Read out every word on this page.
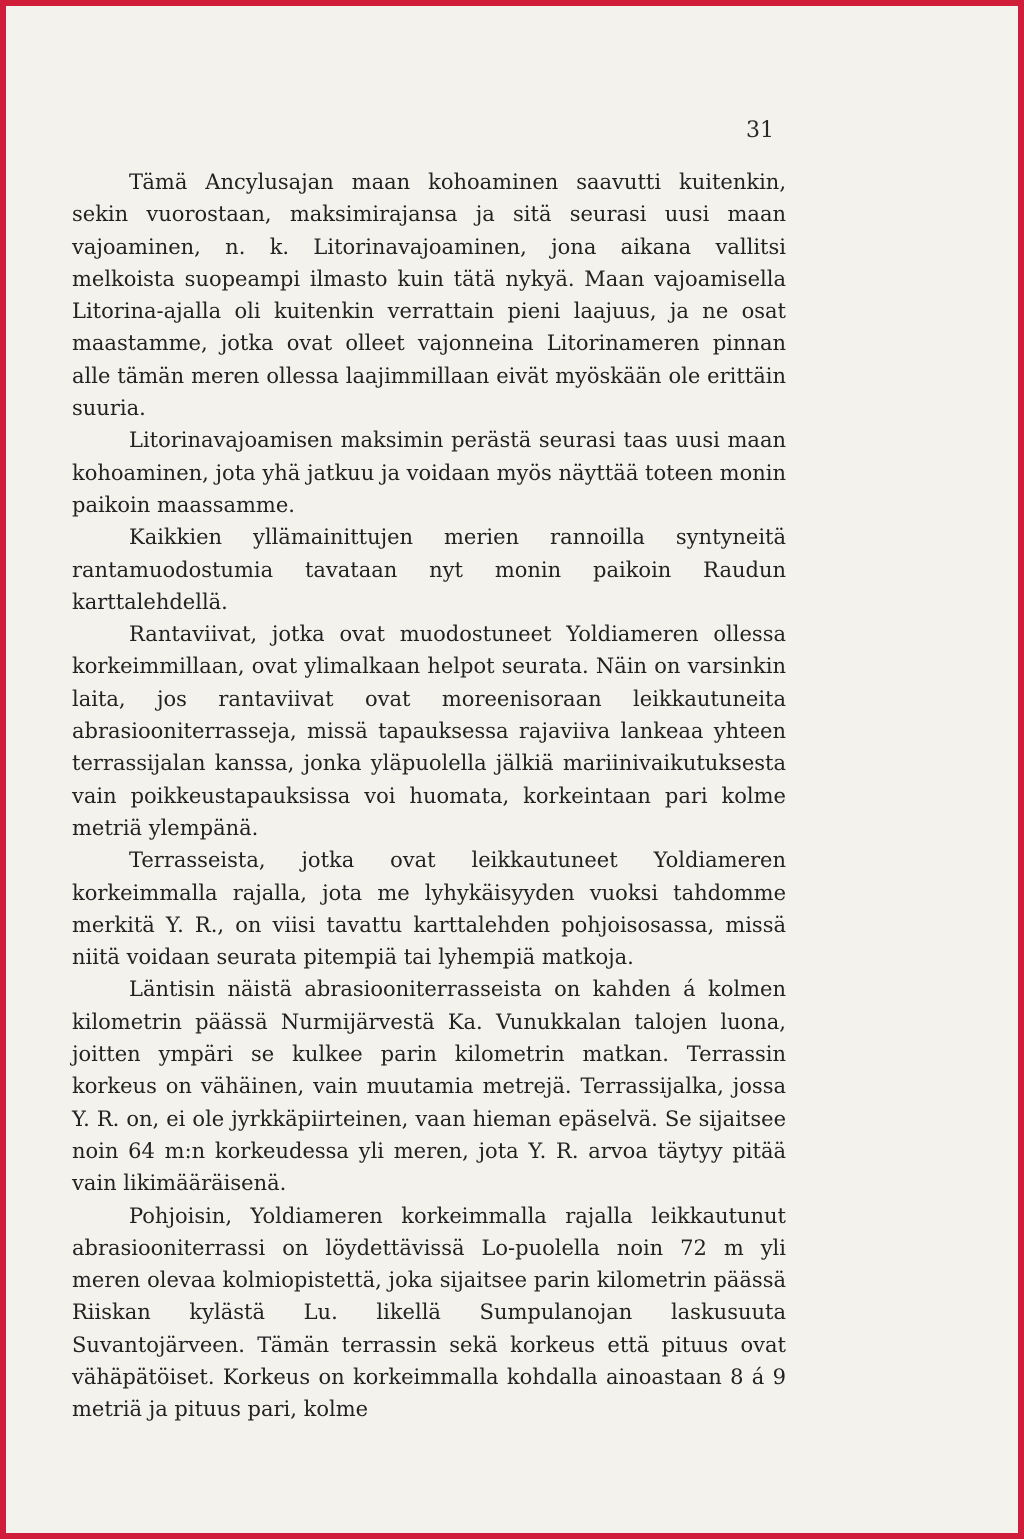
31

Tämä Ancylusajan maan kohoaminen saavutti kuitenkin, sekin vuorostaan, maksimirajansa ja sitä seurasi uusi maan vajoaminen, n. k. Litorinavajoaminen, jona aikana vallitsi melkoista suopeampi ilmasto kuin tätä nykyä. Maan vajoamisella Litorina-ajalla oli kuitenkin verrattain pieni laajuus, ja ne osat maastamme, jotka ovat olleet vajonneina Litorinameren pinnan alle tämän meren ollessa laajimmillaan eivät myöskään ole erittäin suuria.

Litorinavajoamisen maksimin perästä seurasi taas uusi maan kohoaminen, jota yhä jatkuu ja voidaan myös näyttää toteen monin paikoin maassamme.

Kaikkien yllämainittujen merien rannoilla syntyneitä rantamuodostumia tavataan nyt monin paikoin Raudun karttalehdellä.

Rantaviivat, jotka ovat muodostuneet Yoldiameren ollessa korkeimmillaan, ovat ylimalkaan helpot seurata. Näin on varsinkin laita, jos rantaviivat ovat moreenisoraan leikkautuneita abrasiooniterrasseja, missä tapauksessa rajaviiva lankeaa yhteen terrassijalan kanssa, jonka yläpuolella jälkiä mariinivaikutuksesta vain poikkeustapauksissa voi huomata, korkeintaan pari kolme metriä ylempänä.

Terrasseista, jotka ovat leikkautuneet Yoldiameren korkeimmalla rajalla, jota me lyhykäisyyden vuoksi tahdomme merkitä Y. R., on viisi tavattu karttalehden pohjoisosassa, missä niitä voidaan seurata pitempiä tai lyhempiä matkoja.

Läntisin näistä abrasiooniterrasseista on kahden á kolmen kilometrin päässä Nurmijärvestä Ka. Vunukkalan talojen luona, joitten ympäri se kulkee parin kilometrin matkan. Terrassin korkeus on vähäinen, vain muutamia metrejä. Terrassijalka, jossa Y. R. on, ei ole jyrkkäpiirteinen, vaan hieman epäselvä. Se sijaitsee noin 64 m:n korkeudessa yli meren, jota Y. R. arvoa täytyy pitää vain likimääräisenä.

Pohjoisin, Yoldiameren korkeimmalla rajalla leikkautunut abrasiooniterrassi on löydettävissä Lo-puolella noin 72 m yli meren olevaa kolmiopistettä, joka sijaitsee parin kilometrin päässä Riiskan kylästä Lu. likellä Sumpulanojan laskusuuta Suvantojärveen. Tämän terrassin sekä korkeus että pituus ovat vähäpätöiset. Korkeus on korkeimmalla kohdalla ainoastaan 8 á 9 metriä ja pituus pari, kolme
